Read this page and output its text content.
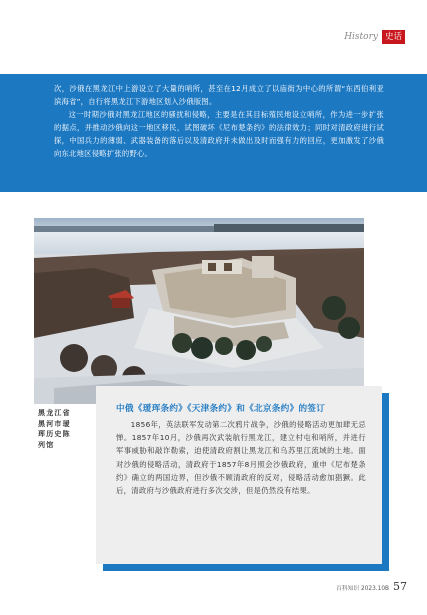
History 史话

次，沙俄在黑龙江中上游设立了大量的哨所，甚至在12月成立了以庙街为中心的所谓“东西伯利亚滨海省”，自行将黑龙江下游地区划入沙俄版图。

这一时期沙俄对黑龙江地区的骚扰和侵略，主要是在其目标殖民地设立哨所，作为进一步扩张的据点，并推动沙俄向这一地区移民，试图破坏《尼布楚条约》的法律效力；同时对清政府进行试探，中国兵力的薄弱、武器装备的落后以及清政府并未做出及时而强有力的回应，更加激发了沙俄向东北地区侵略扩张的野心。

黑龙江省
黑河市瑷
珲历史陈
列馆
中俄《瑷珲条约》《天津条约》和《北京条约》的签订
1856年，英法联军发动第二次鸦片战争，沙俄的侵略活动更加肆无忌惮。1857年10月，沙俄再次武装航行黑龙江，建立村屯和哨所，并进行军事威胁和敲诈勒索，迫使清政府割让黑龙江和乌苏里江流域的土地。面对沙俄的侵略活动，清政府于1857年8月照会沙俄政府，重申《尼布楚条约》确立的两国边界，但沙俄不顾清政府的反对，侵略活动愈加猖獗。此后，清政府与沙俄政府进行多次交涉，但是仍然没有结果。
百科知识 2023.10B 57
